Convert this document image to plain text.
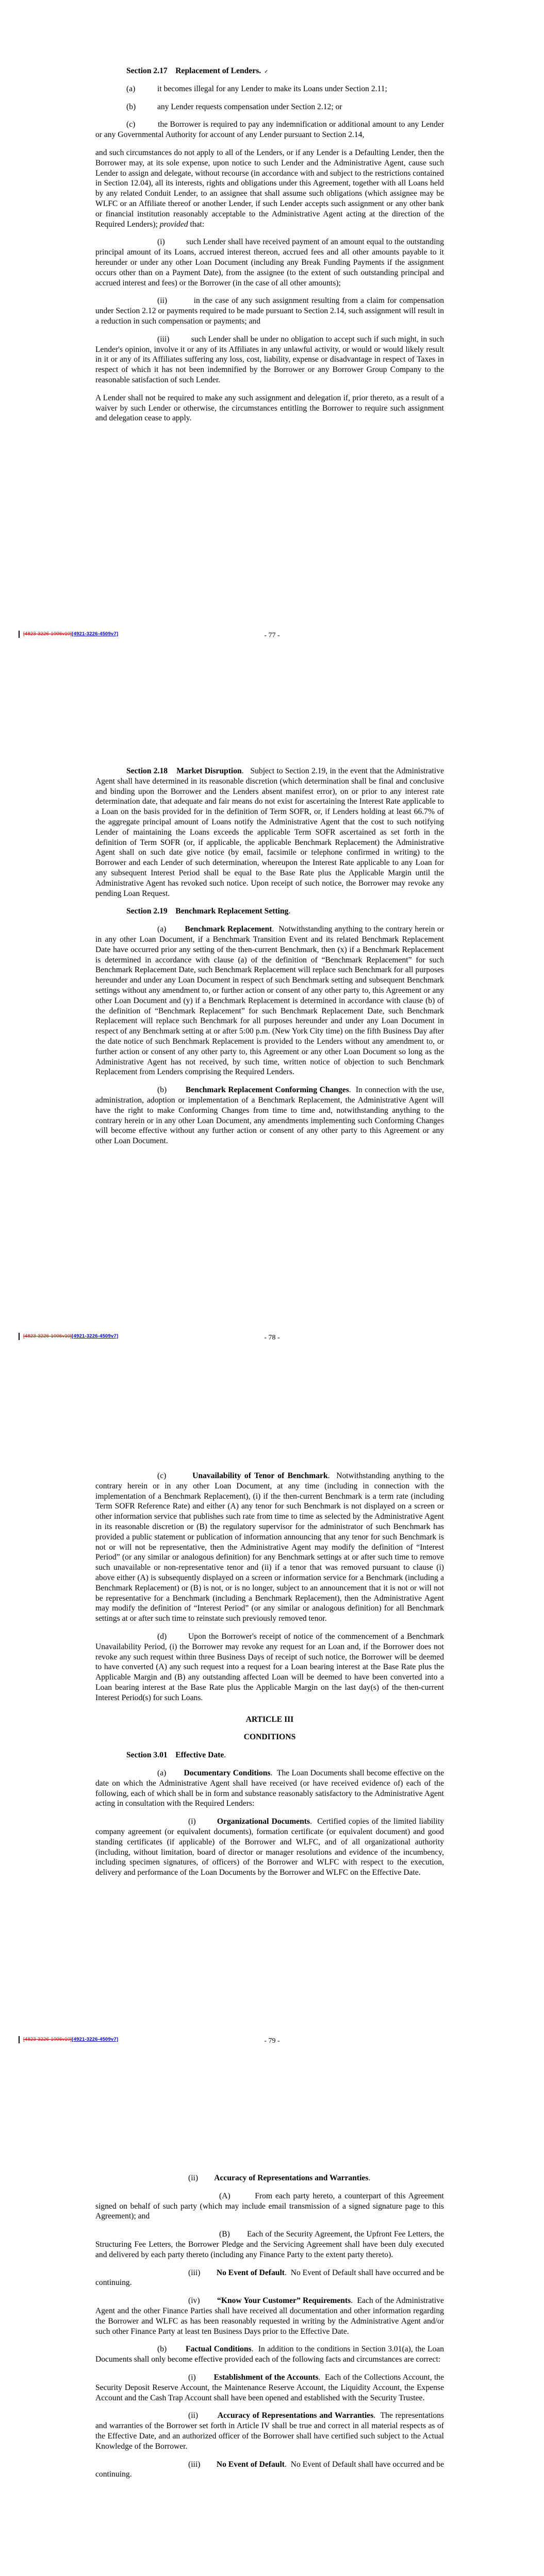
Section 2.17 Replacement of Lenders. ✓

(a)	it becomes illegal for any Lender to make its Loans under Section 2.11;
(b)	any Lender requests compensation under Section 2.12; or

(c)	the Borrower is required to pay any indemnification or additional amount to any Lender or any Governmental Authority for account of any Lender pursuant to Section 2.14,

and such circumstances do not apply to all of the Lenders, or if any Lender is a Defaulting Lender, then the Borrower may, at its sole expense, upon notice to such Lender and the Administrative Agent, cause such Lender to assign and delegate, without recourse (in accordance with and subject to the restrictions contained in Section 12.04), all its interests, rights and obligations under this Agreement, together with all Loans held by any related Conduit Lender, to an assignee that shall assume such obligations (which assignee may be WLFC or an Affiliate thereof or another Lender, if such Lender accepts such assignment or any other bank or financial institution reasonably acceptable to the Administrative Agent acting at the direction of the Required Lenders); provided that:

(i)	such Lender shall have received payment of an amount equal to the outstanding principal amount of its Loans, accrued interest thereon, accrued fees and all other amounts payable to it hereunder or under any other Loan Document (including any Break Funding Payments if the assignment occurs other than on a Payment Date), from the assignee (to the extent of such outstanding principal and accrued interest and fees) or the Borrower (in the case of all other amounts);

(ii)	in the case of any such assignment resulting from a claim for compensation under Section 2.12 or payments required to be made pursuant to Section 2.14, such assignment will result in a reduction in such compensation or payments; and

(iii)	such Lender shall be under no obligation to accept such if such might, in such Lender's opinion, involve it or any of its Affiliates in any unlawful activity, or would or would likely result in it or any of its Affiliates suffering any loss, cost, liability, expense or disadvantage in respect of Taxes in respect of which it has not been indemnified by the Borrower or any Borrower Group Company to the reasonable satisfaction of such Lender.

A Lender shall not be required to make any such assignment and delegation if, prior thereto, as a result of a waiver by such Lender or otherwise, the circumstances entitling the Borrower to require such assignment and delegation cease to apply.

- 77 -
[4823-3226-1006v10][4921-3226-4509v7]

Section 2.18 Market Disruption.   Subject to Section 2.19, in the event that the Administrative Agent shall have determined in its reasonable discretion (which determination shall be final and conclusive and binding upon the Borrower and the Lenders absent manifest error), on or prior to any interest rate determination date, that adequate and fair means do not exist for ascertaining the Interest Rate applicable to a Loan on the basis provided for in the definition of Term SOFR, or, if Lenders holding at least 66.7% of the aggregate principal amount of Loans notify the Administrative Agent that the cost to such notifying Lender of maintaining the Loans exceeds the applicable Term SOFR ascertained as set forth in the definition of Term SOFR (or, if applicable, the applicable Benchmark Replacement) the Administrative Agent shall on such date give notice (by email, facsimile or telephone confirmed in writing) to the Borrower and each Lender of such determination, whereupon the Interest Rate applicable to any Loan for any subsequent Interest Period shall be equal to the Base Rate plus the Applicable Margin until the Administrative Agent has revoked such notice. Upon receipt of such notice, the Borrower may revoke any pending Loan Request.

Section 2.19 Benchmark Replacement Setting.

(a) Benchmark Replacement.  Notwithstanding anything to the contrary herein or in any other Loan Document, if a Benchmark Transition Event and its related Benchmark Replacement Date have occurred prior any setting of the then-current Benchmark, then (x) if a Benchmark Replacement is determined in accordance with clause (a) of the definition of “Benchmark Replacement” for such Benchmark Replacement Date, such Benchmark Replacement will replace such Benchmark for all purposes hereunder and under any Loan Document in respect of such Benchmark setting and subsequent Benchmark settings without any amendment to, or further action or consent of any other party to, this Agreement or any other Loan Document and (y) if a Benchmark Replacement is determined in accordance with clause (b) of the definition of “Benchmark Replacement” for such Benchmark Replacement Date, such Benchmark Replacement will replace such Benchmark for all purposes hereunder and under any Loan Document in respect of any Benchmark setting at or after 5:00 p.m. (New York City time) on the fifth Business Day after the date notice of such Benchmark Replacement is provided to the Lenders without any amendment to, or further action or consent of any other party to, this Agreement or any other Loan Document so long as the Administrative Agent has not received, by such time, written notice of objection to such Benchmark Replacement from Lenders comprising the Required Lenders.

(b) Benchmark Replacement Conforming Changes.  In connection with the use, administration, adoption or implementation of a Benchmark Replacement, the Administrative Agent will have the right to make Conforming Changes from time to time and, notwithstanding anything to the contrary herein or in any other Loan Document, any amendments implementing such Conforming Changes will become effective without any further action or consent of any other party to this Agreement or any other Loan Document.

- 78 -
[4823-3226-1006v10][4921-3226-4509v7]

(c)	Unavailability of Tenor of Benchmark.  Notwithstanding anything to the contrary herein or in any other Loan Document, at any time (including in connection with the implementation of a Benchmark Replacement), (i) if the then-current Benchmark is a term rate (including Term SOFR Reference Rate) and either (A) any tenor for such Benchmark is not displayed on a screen or other information service that publishes such rate from time to time as selected by the Administrative Agent in its reasonable discretion or (B) the regulatory supervisor for the administrator of such Benchmark has provided a public statement or publication of information announcing that any tenor for such Benchmark is not or will not be representative, then the Administrative Agent may modify the definition of “Interest Period” (or any similar or analogous definition) for any Benchmark settings at or after such time to remove such unavailable or non-representative tenor and (ii) if a tenor that was removed pursuant to clause (i) above either (A) is subsequently displayed on a screen or information service for a Benchmark (including a Benchmark Replacement) or (B) is not, or is no longer, subject to an announcement that it is not or will not be representative for a Benchmark (including a Benchmark Replacement), then the Administrative Agent may modify the definition of “Interest Period” (or any similar or analogous definition) for all Benchmark settings at or after such time to reinstate such previously removed tenor.

(d)	Upon the Borrower's receipt of notice of the commencement of a Benchmark Unavailability Period, (i) the Borrower may revoke any request for an Loan and, if the Borrower does not revoke any such request within three Business Days of receipt of such notice, the Borrower will be deemed to have converted (A) any such request into a request for a Loan bearing interest at the Base Rate plus the Applicable Margin and (B) any outstanding affected Loan will be deemed to have been converted into a Loan bearing interest at the Base Rate plus the Applicable Margin on the last day(s) of the then-current Interest Period(s) for such Loans.

ARTICLE III

CONDITIONS

Section 3.01 Effective Date.

(a) Documentary Conditions.  The Loan Documents shall become effective on the date on which the Administrative Agent shall have received (or have received evidence of) each of the following, each of which shall be in form and substance reasonably satisfactory to the Administrative Agent acting in consultation with the Required Lenders:

(i)	Organizational Documents.  Certified copies of the limited liability company agreement (or equivalent documents), formation certificate (or equivalent document) and good standing certificates (if applicable) of the Borrower and WLFC, and of all organizational authority (including, without limitation, board of director or manager resolutions and evidence of the incumbency, including specimen signatures, of officers) of the Borrower and WLFC with respect to the execution, delivery and performance of the Loan Documents by the Borrower and WLFC on the Effective Date.

- 79 -
[4823-3226-1006v10][4921-3226-4509v7]

(ii) Accuracy of Representations and Warranties.

(A)	From each party hereto, a counterpart of this Agreement signed on behalf of such party (which may include email transmission of a signed signature page to this Agreement); and

(B) Each of the Security Agreement, the Upfront Fee Letters, the Structuring Fee Letters, the Borrower Pledge and the Servicing Agreement shall have been duly executed and delivered by each party thereto (including any Finance Party to the extent party thereto).

(iii) No Event of Default.  No Event of Default shall have occurred and be continuing.

(iv) “Know Your Customer” Requirements.  Each of the Administrative Agent and the other Finance Parties shall have received all documentation and other information regarding the Borrower and WLFC as has been reasonably requested in writing by the Administrative Agent and/or such other Finance Party at least ten Business Days prior to the Effective Date.

(b) Factual Conditions.  In addition to the conditions in Section 3.01(a), the Loan Documents shall only become effective provided each of the following facts and circumstances are correct:

(i) Establishment of the Accounts.  Each of the Collections Account, the Security Deposit Reserve Account, the Maintenance Reserve Account, the Liquidity Account, the Expense Account and the Cash Trap Account shall have been opened and established with the Security Trustee.

(ii) Accuracy of Representations and Warranties.  The representations and warranties of the Borrower set forth in Article IV shall be true and correct in all material respects as of the Effective Date, and an authorized officer of the Borrower shall have certified such subject to the Actual Knowledge of the Borrower.

(iii) No Event of Default.  No Event of Default shall have occurred and be continuing.
